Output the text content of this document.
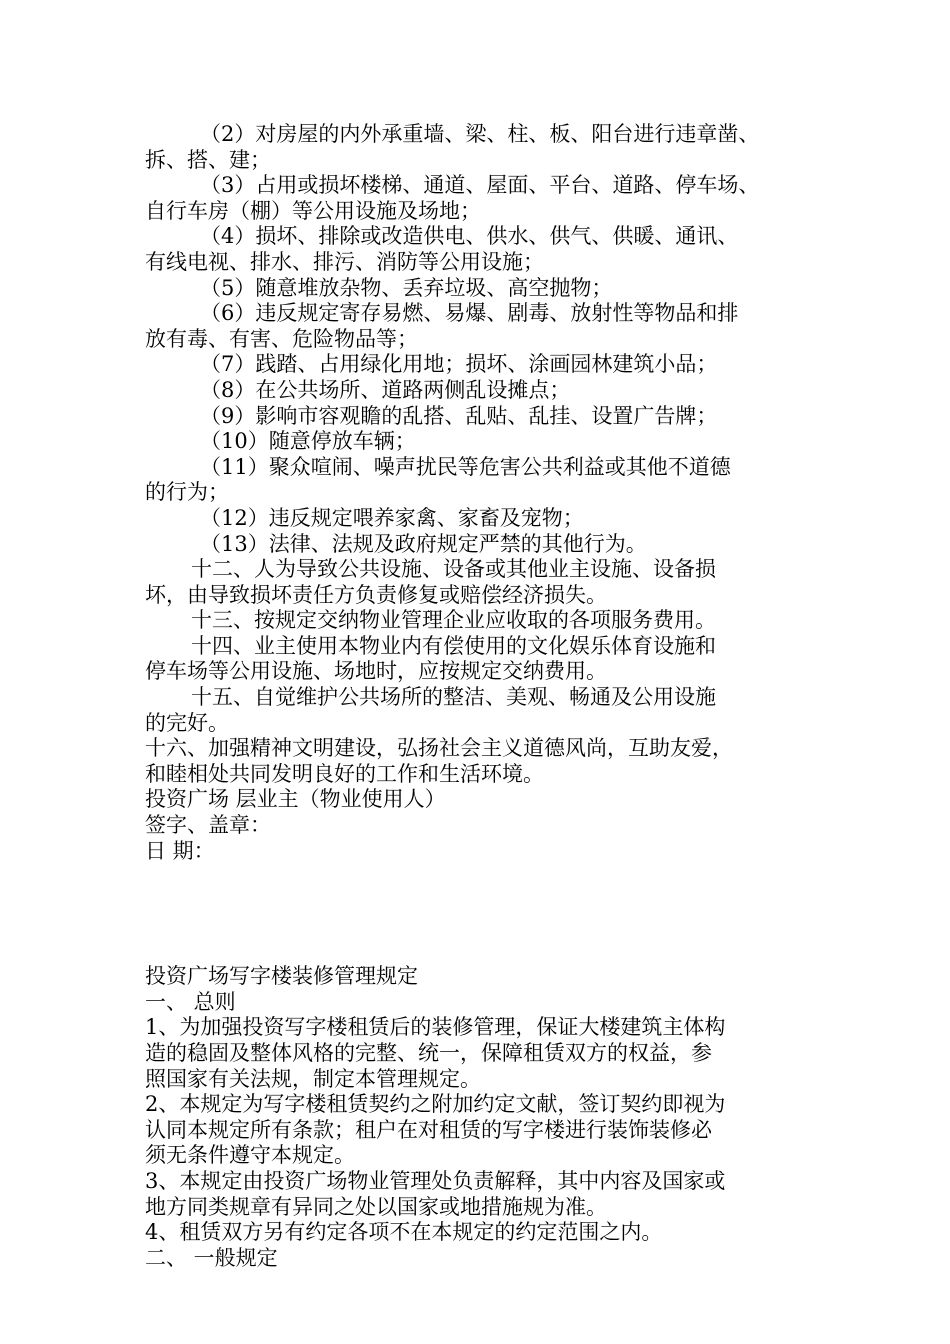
（2）对房屋的内外承重墙、梁、柱、板、阳台进行违章凿、
拆、搭、建；
（3）占用或损坏楼梯、通道、屋面、平台、道路、停车场、
自行车房（棚）等公用设施及场地；
（4）损坏、排除或改造供电、供水、供气、供暖、通讯、
有线电视、排水、排污、消防等公用设施；
（5）随意堆放杂物、丢弃垃圾、高空抛物；
（6）违反规定寄存易燃、易爆、剧毒、放射性等物品和排
放有毒、有害、危险物品等；
（7）践踏、占用绿化用地；损坏、涂画园林建筑小品；
（8）在公共场所、道路两侧乱设摊点；
（9）影响市容观瞻的乱搭、乱贴、乱挂、设置广告牌；
（10）随意停放车辆；
（11）聚众喧闹、噪声扰民等危害公共利益或其他不道德
的行为；
（12）违反规定喂养家禽、家畜及宠物；
（13）法律、法规及政府规定严禁的其他行为。
十二、人为导致公共设施、设备或其他业主设施、设备损
坏，由导致损坏责任方负责修复或赔偿经济损失。
十三、按规定交纳物业管理企业应收取的各项服务费用。
十四、业主使用本物业内有偿使用的文化娱乐体育设施和
停车场等公用设施、场地时，应按规定交纳费用。
十五、自觉维护公共场所的整洁、美观、畅通及公用设施
的完好。
十六、加强精神文明建设，弘扬社会主义道德风尚，互助友爱，
和睦相处共同发明良好的工作和生活环境。
投资广场 层业主（物业使用人）
签字、盖章：
日 期：
投资广场写字楼装修管理规定
一、 总则
1、为加强投资写字楼租赁后的装修管理，保证大楼建筑主体构
造的稳固及整体风格的完整、统一，保障租赁双方的权益，参
照国家有关法规，制定本管理规定。
2、本规定为写字楼租赁契约之附加约定文献，签订契约即视为
认同本规定所有条款；租户在对租赁的写字楼进行装饰装修必
须无条件遵守本规定。
3、本规定由投资广场物业管理处负责解释，其中内容及国家或
地方同类规章有异同之处以国家或地措施规为准。
4、租赁双方另有约定各项不在本规定的约定范围之内。
二、 一般规定
